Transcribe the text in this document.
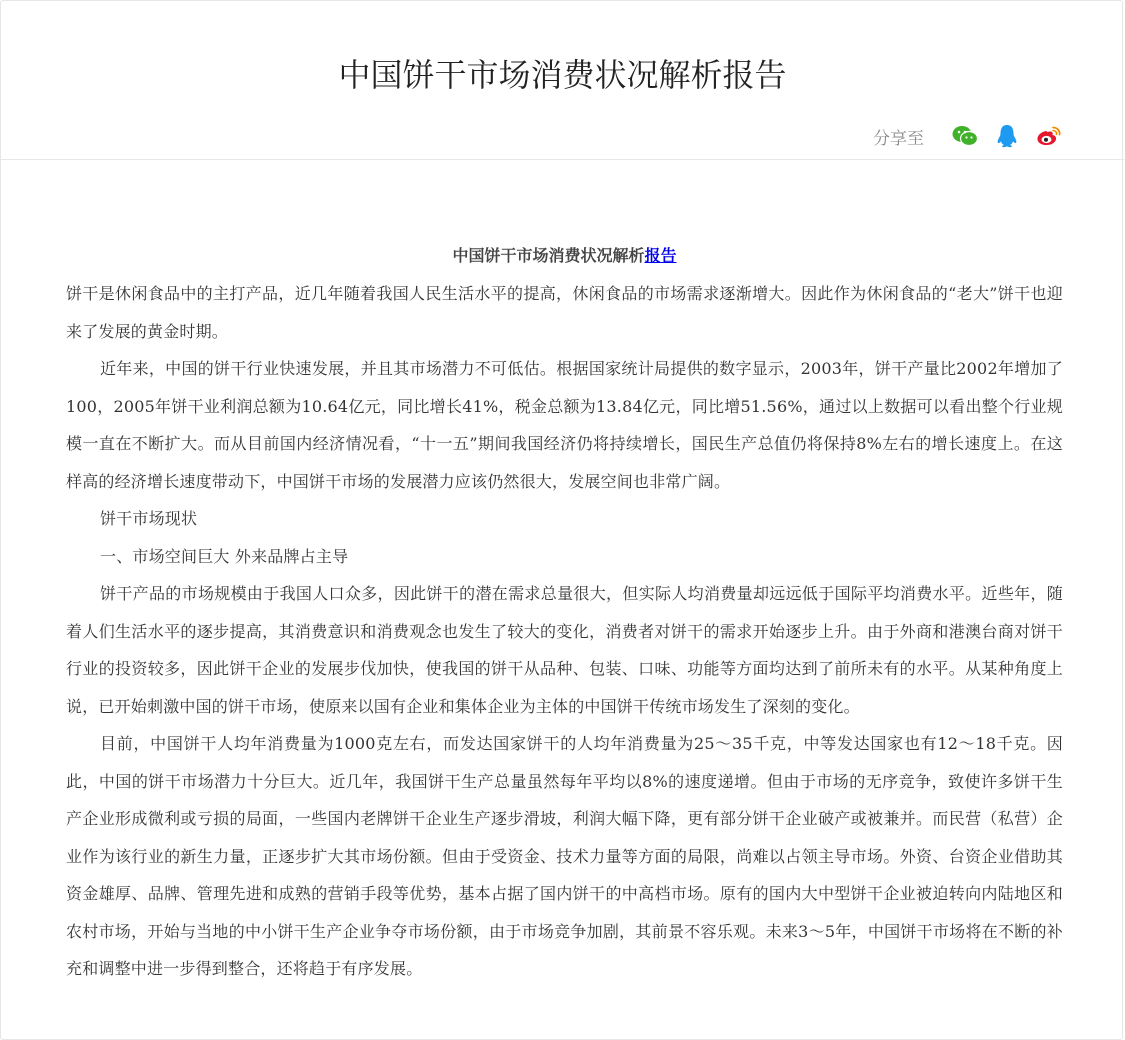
中国饼干市场消费状况解析报告
分享至
中国饼干市场消费状况解析报告

饼干是休闲食品中的主打产品，近几年随着我国人民生活水平的提高，休闲食品的市场需求逐渐增大。因此作为休闲食品的“老大”饼干也迎来了发展的黄金时期。

近年来，中国的饼干行业快速发展，并且其市场潜力不可低估。根据国家统计局提供的数字显示，2003年，饼干产量比2002年增加了100，2005年饼干业利润总额为10.64亿元，同比增长41%，税金总额为13.84亿元，同比增51.56%，通过以上数据可以看出整个行业规模一直在不断扩大。而从目前国内经济情况看，“十一五”期间我国经济仍将持续增长，国民生产总值仍将保持8%左右的增长速度上。在这样高的经济增长速度带动下，中国饼干市场的发展潜力应该仍然很大，发展空间也非常广阔。

饼干市场现状

一、市场空间巨大 外来品牌占主导

饼干产品的市场规模由于我国人口众多，因此饼干的潜在需求总量很大，但实际人均消费量却远远低于国际平均消费水平。近些年，随着人们生活水平的逐步提高，其消费意识和消费观念也发生了较大的变化，消费者对饼干的需求开始逐步上升。由于外商和港澳台商对饼干行业的投资较多，因此饼干企业的发展步伐加快，使我国的饼干从品种、包装、口味、功能等方面均达到了前所未有的水平。从某种角度上说，已开始刺激中国的饼干市场，使原来以国有企业和集体企业为主体的中国饼干传统市场发生了深刻的变化。

目前，中国饼干人均年消费量为1000克左右，而发达国家饼干的人均年消费量为25～35千克，中等发达国家也有12～18千克。因此，中国的饼干市场潜力十分巨大。近几年，我国饼干生产总量虽然每年平均以8%的速度递增。但由于市场的无序竞争，致使许多饼干生产企业形成微利或亏损的局面，一些国内老牌饼干企业生产逐步滑坡，利润大幅下降，更有部分饼干企业破产或被兼并。而民营（私营）企业作为该行业的新生力量，正逐步扩大其市场份额。但由于受资金、技术力量等方面的局限，尚难以占领主导市场。外资、台资企业借助其资金雄厚、品牌、管理先进和成熟的营销手段等优势，基本占据了国内饼干的中高档市场。原有的国内大中型饼干企业被迫转向内陆地区和农村市场，开始与当地的中小饼干生产企业争夺市场份额，由于市场竞争加剧，其前景不容乐观。未来3～5年，中国饼干市场将在不断的补充和调整中进一步得到整合，还将趋于有序发展。
